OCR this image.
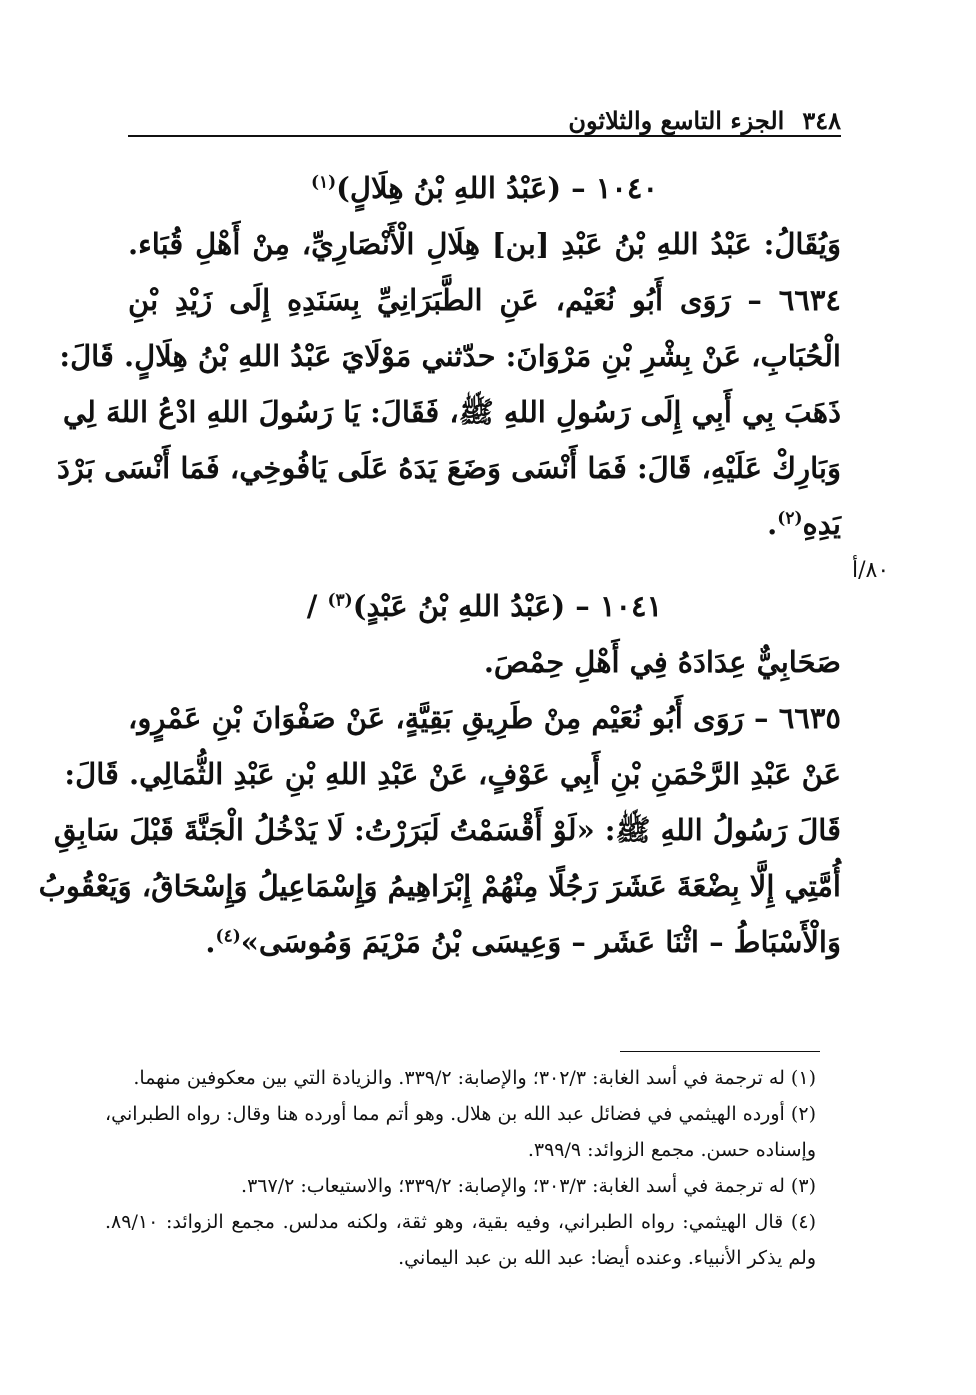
٣٤٨
الجزء التاسع والثلاثون
٨٠/أ

١٠٤٠ – (عَبْدُ اللهِ بْنُ هِلَالٍ)$^{(١)}$

وَيُقَالُ: عَبْدُ اللهِ بْنُ عَبْدِ [بن] هِلَالِ الْأَنْصَارِيِّ، مِنْ أَهْلِ قُبَاء.

٦٦٣٤ – رَوَى أَبُو نُعَيْم، عَنِ الطَّبَرَانِيِّ بِسَنَدِهِ إِلَى زَيْدِ بْنِ

الْحُبَابِ، عَنْ بِشْرِ بْنِ مَرْوَانَ: حدّثني مَوْلَايَ عَبْدُ اللهِ بْنُ هِلَالٍ. قَالَ:

ذَهَبَ بِي أَبِي إِلَى رَسُولِ اللهِ ﷺ، فَقَالَ: يَا رَسُولَ اللهِ ادْعُ اللهَ لِي

وَبَارِكْ عَلَيْهِ، قَالَ: فَمَا أَنْسَى وَضَعَ يَدَهُ عَلَى يَافُوخِي، فَمَا أَنْسَى بَرْدَ

يَدِهِ$^{(٢)}$.

١٠٤١ – (عَبْدُ اللهِ بْنُ عَبْدٍ)$^{(٣)}$ /

صَحَابِيٌّ عِدَادَهُ فِي أَهْلِ حِمْصَ.

٦٦٣٥ – رَوَى أَبُو نُعَيْم مِنْ طَرِيقِ بَقِيَّةٍ، عَنْ صَفْوَانَ بْنِ عَمْرٍو،

عَنْ عَبْدِ الرَّحْمَنِ بْنِ أَبِي عَوْفٍ، عَنْ عَبْدِ اللهِ بْنِ عَبْدِ الثُّمَالِي. قَالَ:

قَالَ رَسُولُ اللهِ ﷺ: «لَوْ أَقْسَمْتُ لَبَرَرْتُ: لَا يَدْخُلُ الْجَنَّةَ قَبْلَ سَابِقِ

أُمَّتِي إِلَّا بِضْعَةَ عَشَرَ رَجُلًا مِنْهُمْ إِبْرَاهِيمُ وَإِسْمَاعِيلُ وَإِسْحَاقُ، وَيَعْقُوبُ

وَالْأَسْبَاطُ – اثْنَا عَشَر – وَعِيسَى بْنُ مَرْيَمَ وَمُوسَى»$^{(٤)}$.

(١) له ترجمة في أسد الغابة: ٣٠٢/٣؛ والإصابة: ٣٣٩/٢. والزيادة التي بين معكوفين منهما.

(٢) أورده الهيثمي في فضائل عبد الله بن هلال. وهو أتم مما أورده هنا وقال: رواه الطبراني، وإسناده حسن. مجمع الزوائد: ٣٩٩/٩.

(٣) له ترجمة في أسد الغابة: ٣٠٣/٣؛ والإصابة: ٣٣٩/٢؛ والاستيعاب: ٣٦٧/٢.

(٤) قال الهيثمي: رواه الطبراني، وفيه بقية، وهو ثقة، ولكنه مدلس. مجمع الزوائد: ٨٩/١٠. ولم يذكر الأنبياء. وعنده أيضا: عبد الله بن عبد اليماني.
